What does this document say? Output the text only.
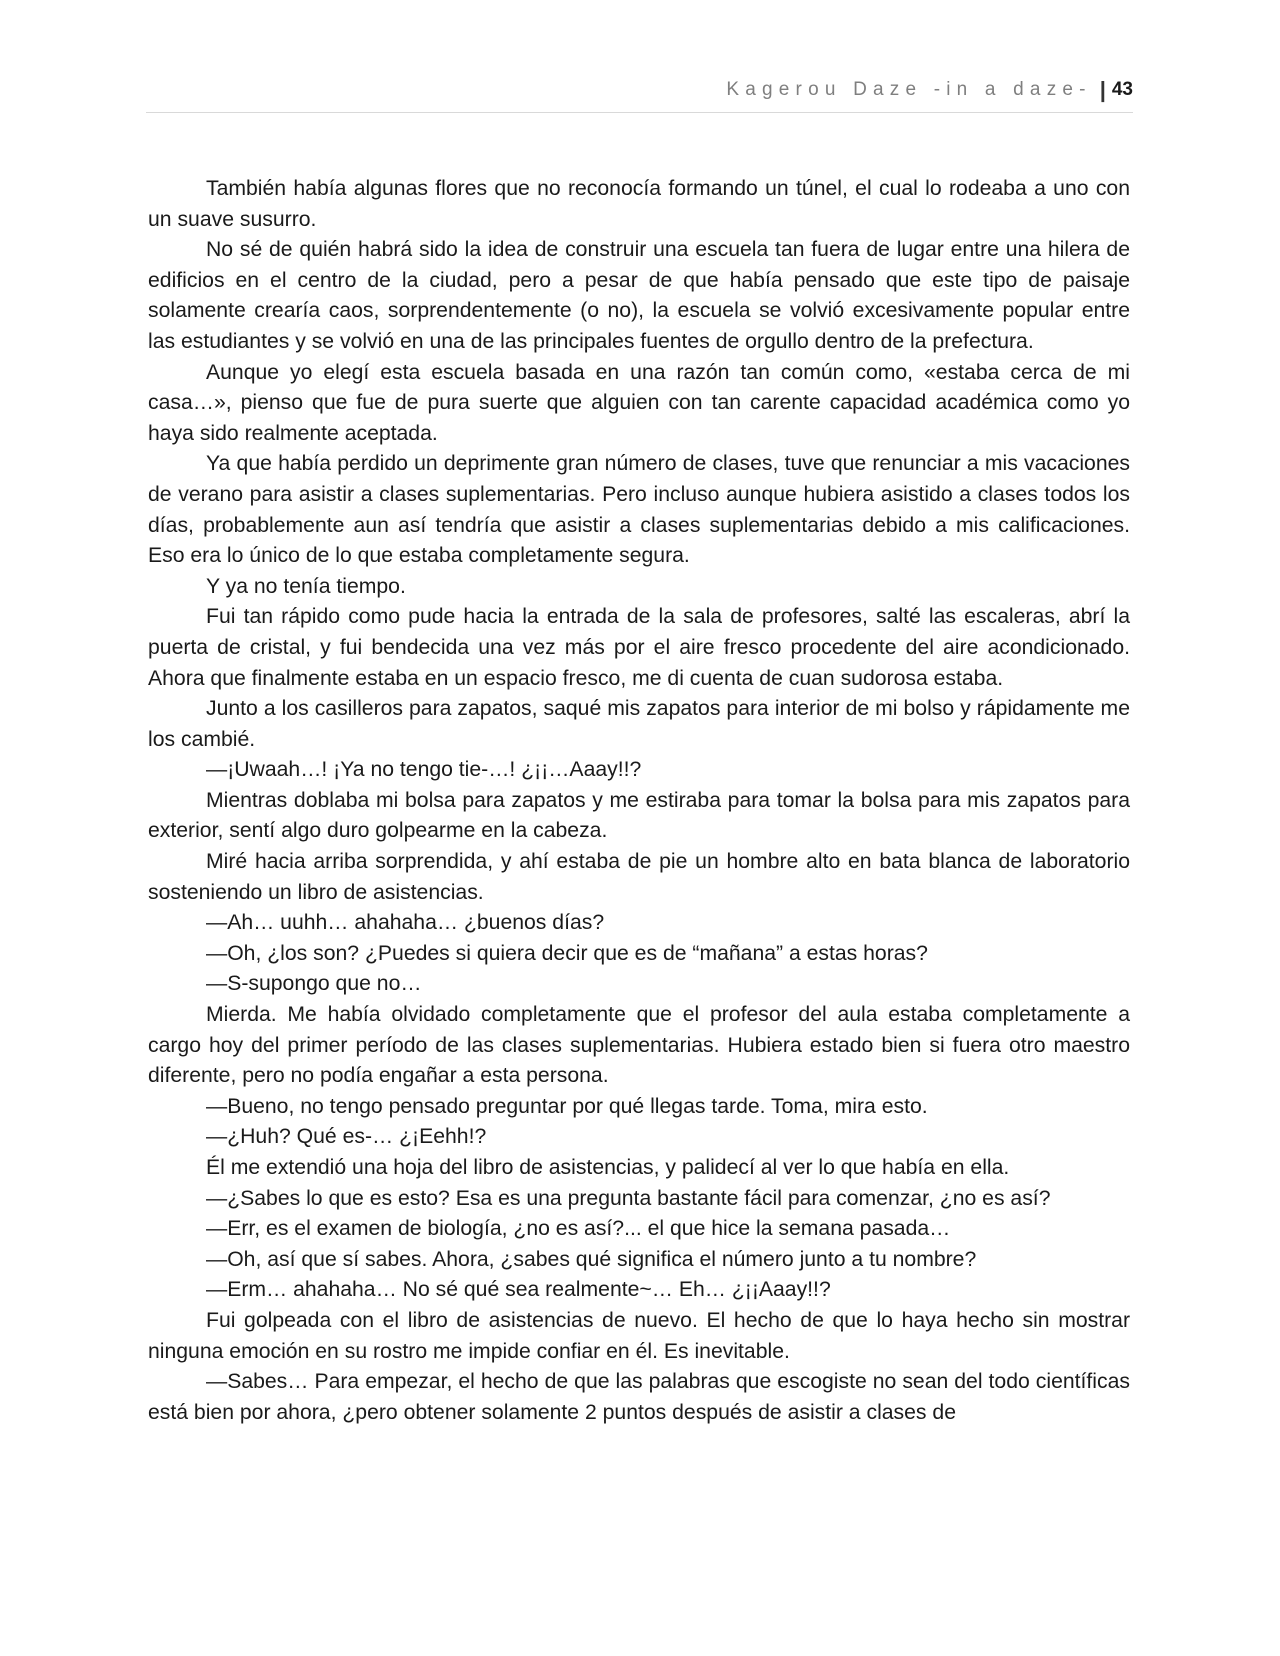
Kagerou Daze -in a daze- | 43

También había algunas flores que no reconocía formando un túnel, el cual lo rodeaba a uno con un suave susurro.

No sé de quién habrá sido la idea de construir una escuela tan fuera de lugar entre una hilera de edificios en el centro de la ciudad, pero a pesar de que había pensado que este tipo de paisaje solamente crearía caos, sorprendentemente (o no), la escuela se volvió excesivamente popular entre las estudiantes y se volvió en una de las principales fuentes de orgullo dentro de la prefectura.

Aunque yo elegí esta escuela basada en una razón tan común como, «estaba cerca de mi casa…», pienso que fue de pura suerte que alguien con tan carente capacidad académica como yo haya sido realmente aceptada.

Ya que había perdido un deprimente gran número de clases, tuve que renunciar a mis vacaciones de verano para asistir a clases suplementarias. Pero incluso aunque hubiera asistido a clases todos los días, probablemente aun así tendría que asistir a clases suplementarias debido a mis calificaciones. Eso era lo único de lo que estaba completamente segura.

Y ya no tenía tiempo.

Fui tan rápido como pude hacia la entrada de la sala de profesores, salté las escaleras, abrí la puerta de cristal, y fui bendecida una vez más por el aire fresco procedente del aire acondicionado. Ahora que finalmente estaba en un espacio fresco, me di cuenta de cuan sudorosa estaba.

Junto a los casilleros para zapatos, saqué mis zapatos para interior de mi bolso y rápidamente me los cambié.

—¡Uwaah…! ¡Ya no tengo tie-…! ¿¡¡…Aaay!!?

Mientras doblaba mi bolsa para zapatos y me estiraba para tomar la bolsa para mis zapatos para exterior, sentí algo duro golpearme en la cabeza.

Miré hacia arriba sorprendida, y ahí estaba de pie un hombre alto en bata blanca de laboratorio sosteniendo un libro de asistencias.

—Ah… uuhh… ahahaha… ¿buenos días?

—Oh, ¿los son? ¿Puedes si quiera decir que es de “mañana” a estas horas?

—S-supongo que no…

Mierda. Me había olvidado completamente que el profesor del aula estaba completamente a cargo hoy del primer período de las clases suplementarias. Hubiera estado bien si fuera otro maestro diferente, pero no podía engañar a esta persona.

—Bueno, no tengo pensado preguntar por qué llegas tarde. Toma, mira esto.

—¿Huh? Qué es-… ¿¡Eehh!?

Él me extendió una hoja del libro de asistencias, y palidecí al ver lo que había en ella.

—¿Sabes lo que es esto? Esa es una pregunta bastante fácil para comenzar, ¿no es así?

—Err, es el examen de biología, ¿no es así?... el que hice la semana pasada…

—Oh, así que sí sabes. Ahora, ¿sabes qué significa el número junto a tu nombre?

—Erm… ahahaha… No sé qué sea realmente~… Eh… ¿¡¡Aaay!!?

Fui golpeada con el libro de asistencias de nuevo. El hecho de que lo haya hecho sin mostrar ninguna emoción en su rostro me impide confiar en él. Es inevitable.

—Sabes… Para empezar, el hecho de que las palabras que escogiste no sean del todo científicas está bien por ahora, ¿pero obtener solamente 2 puntos después de asistir a clases de
